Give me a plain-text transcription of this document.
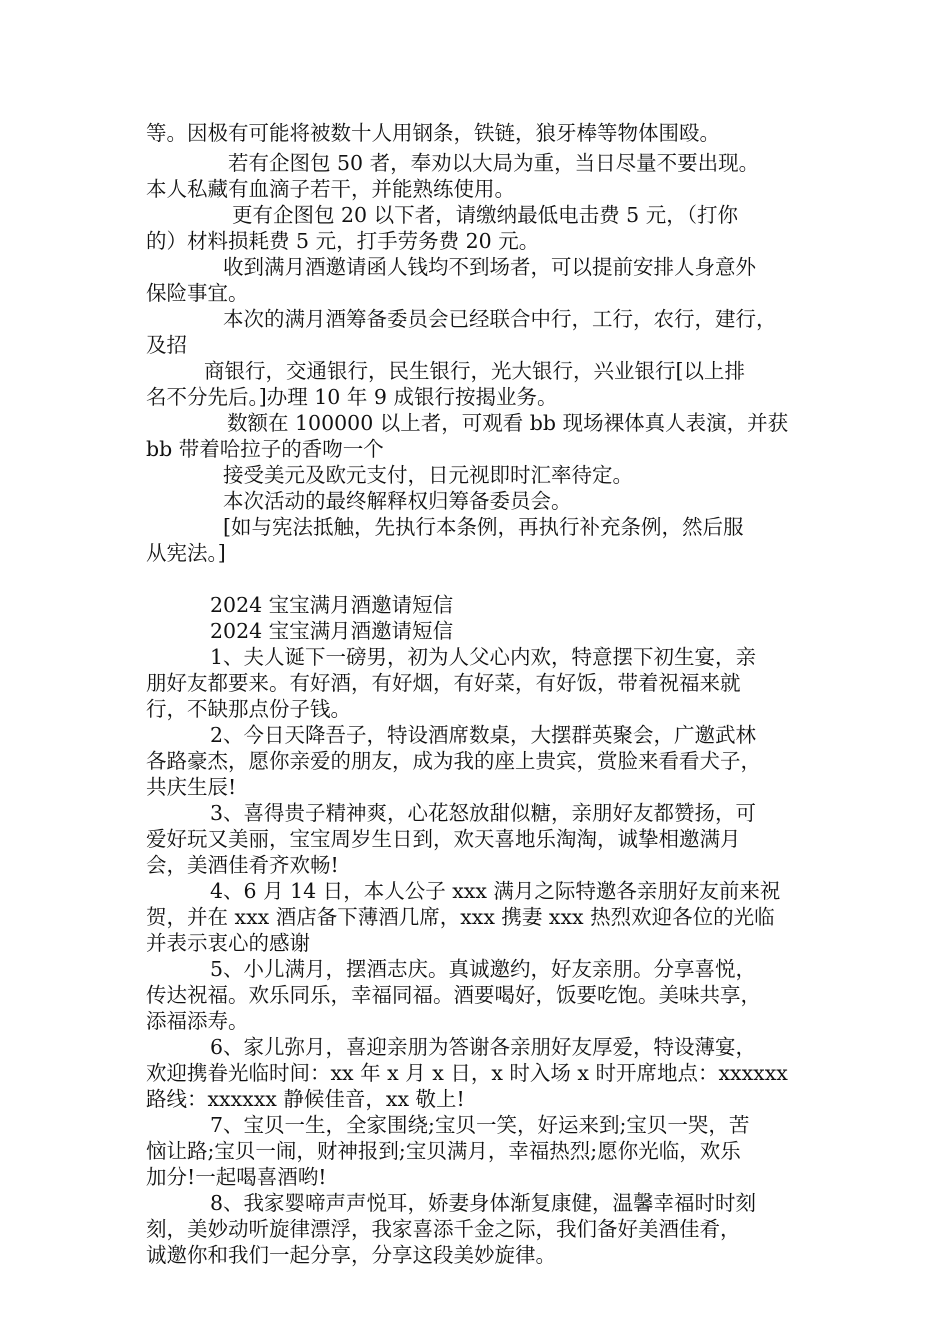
等。因极有可能将被数十人用钢条，铁链，狼牙棒等物体围殴。

若有企图包 50 者，奉劝以大局为重，当日尽量不要出现。

本人私藏有血滴子若干，并能熟练使用。

更有企图包 20 以下者，请缴纳最低电击费 5 元，（打你

的）材料损耗费 5 元，打手劳务费 20 元。

收到满月酒邀请函人钱均不到场者，可以提前安排人身意外

保险事宜。

本次的满月酒筹备委员会已经联合中行，工行，农行，建行，

及招

商银行，交通银行，民生银行，光大银行，兴业银行[以上排

名不分先后。]办理 10 年 9 成银行按揭业务。

数额在 100000 以上者，可观看 bb 现场裸体真人表演，并获

bb 带着哈拉子的香吻一个

接受美元及欧元支付，日元视即时汇率待定。

本次活动的最终解释权归筹备委员会。

[如与宪法抵触，先执行本条例，再执行补充条例，然后服

从宪法。]

2024 宝宝满月酒邀请短信

2024 宝宝满月酒邀请短信

1、夫人诞下一磅男，初为人父心内欢，特意摆下初生宴，亲

朋好友都要来。有好酒，有好烟，有好菜，有好饭，带着祝福来就

行，不缺那点份子钱。

2、今日天降吾子，特设酒席数桌，大摆群英聚会，广邀武林

各路豪杰，愿你亲爱的朋友，成为我的座上贵宾，赏脸来看看犬子，

共庆生辰!

3、喜得贵子精神爽，心花怒放甜似糖，亲朋好友都赞扬，可

爱好玩又美丽，宝宝周岁生日到，欢天喜地乐淘淘，诚挚相邀满月

会，美酒佳肴齐欢畅!

4、6 月 14 日，本人公子 xxx 满月之际特邀各亲朋好友前来祝

贺，并在 xxx 酒店备下薄酒几席，xxx 携妻 xxx 热烈欢迎各位的光临

并表示衷心的感谢

5、小儿满月，摆酒志庆。真诚邀约，好友亲朋。分享喜悦，

传达祝福。欢乐同乐，幸福同福。酒要喝好，饭要吃饱。美味共享，

添福添寿。

6、家儿弥月，喜迎亲朋为答谢各亲朋好友厚爱，特设薄宴，

欢迎携眷光临时间：xx 年 x 月 x 日，x 时入场 x 时开席地点：xxxxxx

路线：xxxxxx 静候佳音，xx 敬上!

7、宝贝一生，全家围绕;宝贝一笑，好运来到;宝贝一哭，苦

恼让路;宝贝一闹，财神报到;宝贝满月，幸福热烈;愿你光临，欢乐

加分!一起喝喜酒哟!

8、我家婴啼声声悦耳，娇妻身体渐复康健，温馨幸福时时刻

刻，美妙动听旋律漂浮，我家喜添千金之际，我们备好美酒佳肴，

诚邀你和我们一起分享，分享这段美妙旋律。
